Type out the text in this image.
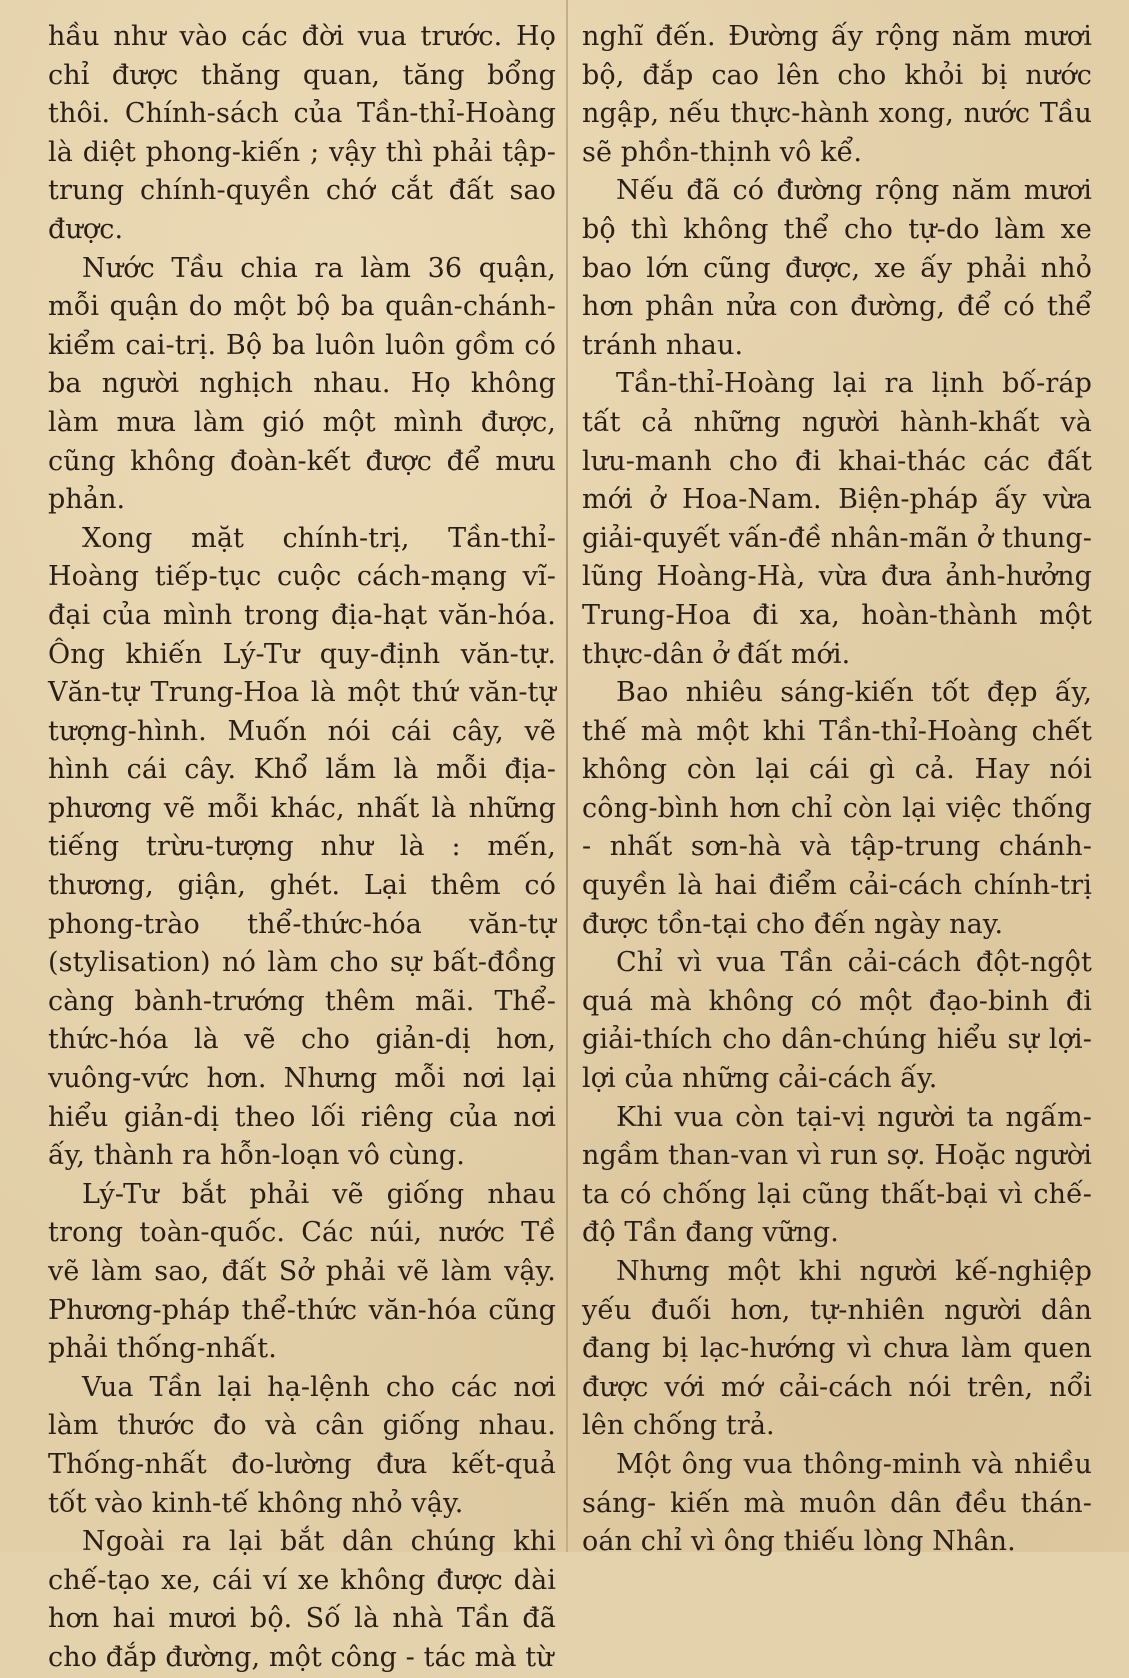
hầu như vào các đời vua trước. Họ chỉ được thăng quan, tăng bổng thôi. Chính-sách của Tần-thỉ-Hoàng là diệt phong-kiến ; vậy thì phải tập-trung chính-quyền chớ cắt đất sao được.

Nước Tầu chia ra làm 36 quận, mỗi quận do một bộ ba quân-chánh-kiểm cai-trị. Bộ ba luôn luôn gồm có ba người nghịch nhau. Họ không làm mưa làm gió một mình được, cũng không đoàn-kết được để mưu phản.

Xong mặt chính-trị, Tần-thỉ-Hoàng tiếp-tục cuộc cách-mạng vĩ-đại của mình trong địa-hạt văn-hóa. Ông khiến Lý-Tư quy-định văn-tự. Văn-tự Trung-Hoa là một thứ văn-tự tượng-hình. Muốn nói cái cây, vẽ hình cái cây. Khổ lắm là mỗi địa-phương vẽ mỗi khác, nhất là những tiếng trừu-tượng như là : mến, thương, giận, ghét. Lại thêm có phong-trào thể-thức-hóa văn-tự (stylisation) nó làm cho sự bất-đồng càng bành-trướng thêm mãi. Thể-thức-hóa là vẽ cho giản-dị hơn, vuông-vức hơn. Nhưng mỗi nơi lại hiểu giản-dị theo lối riêng của nơi ấy, thành ra hỗn-loạn vô cùng.

Lý-Tư bắt phải vẽ giống nhau trong toàn-quốc. Các núi, nước Tề vẽ làm sao, đất Sở phải vẽ làm vậy. Phương-pháp thể-thức văn-hóa cũng phải thống-nhất.

Vua Tần lại hạ-lệnh cho các nơi làm thước đo và cân giống nhau. Thống-nhất đo-lường đưa kết-quả tốt vào kinh-tế không nhỏ vậy.

Ngoài ra lại bắt dân chúng khi chế-tạo xe, cái ví xe không được dài hơn hai mươi bộ. Số là nhà Tần đã cho đắp đường, một công - tác mà từ

nghĩ đến. Đường ấy rộng năm mươi bộ, đắp cao lên cho khỏi bị nước ngập, nếu thực-hành xong, nước Tầu sẽ phồn-thịnh vô kể.

Nếu đã có đường rộng năm mươi bộ thì không thể cho tự-do làm xe bao lớn cũng được, xe ấy phải nhỏ hơn phân nửa con đường, để có thể tránh nhau.

Tần-thỉ-Hoàng lại ra lịnh bố-ráp tất cả những người hành-khất và lưu-manh cho đi khai-thác các đất mới ở Hoa-Nam. Biện-pháp ấy vừa giải-quyết vấn-đề nhân-mãn ở thung-lũng Hoàng-Hà, vừa đưa ảnh-hưởng Trung-Hoa đi xa, hoàn-thành một thực-dân ở đất mới.

Bao nhiêu sáng-kiến tốt đẹp ấy, thế mà một khi Tần-thỉ-Hoàng chết không còn lại cái gì cả. Hay nói công-bình hơn chỉ còn lại việc thống - nhất sơn-hà và tập-trung chánh-quyền là hai điểm cải-cách chính-trị được tồn-tại cho đến ngày nay.

Chỉ vì vua Tần cải-cách đột-ngột quá mà không có một đạo-binh đi giải-thích cho dân-chúng hiểu sự lợi-lợi của những cải-cách ấy.

Khi vua còn tại-vị người ta ngấm-ngầm than-van vì run sợ. Hoặc người ta có chống lại cũng thất-bại vì chế-độ Tần đang vững.

Nhưng một khi người kế-nghiệp yếu đuối hơn, tự-nhiên người dân đang bị lạc-hướng vì chưa làm quen được với mớ cải-cách nói trên, nổi lên chống trả.

Một ông vua thông-minh và nhiều sáng- kiến mà muôn dân đều thán-oán chỉ vì ông thiếu lòng Nhân.
